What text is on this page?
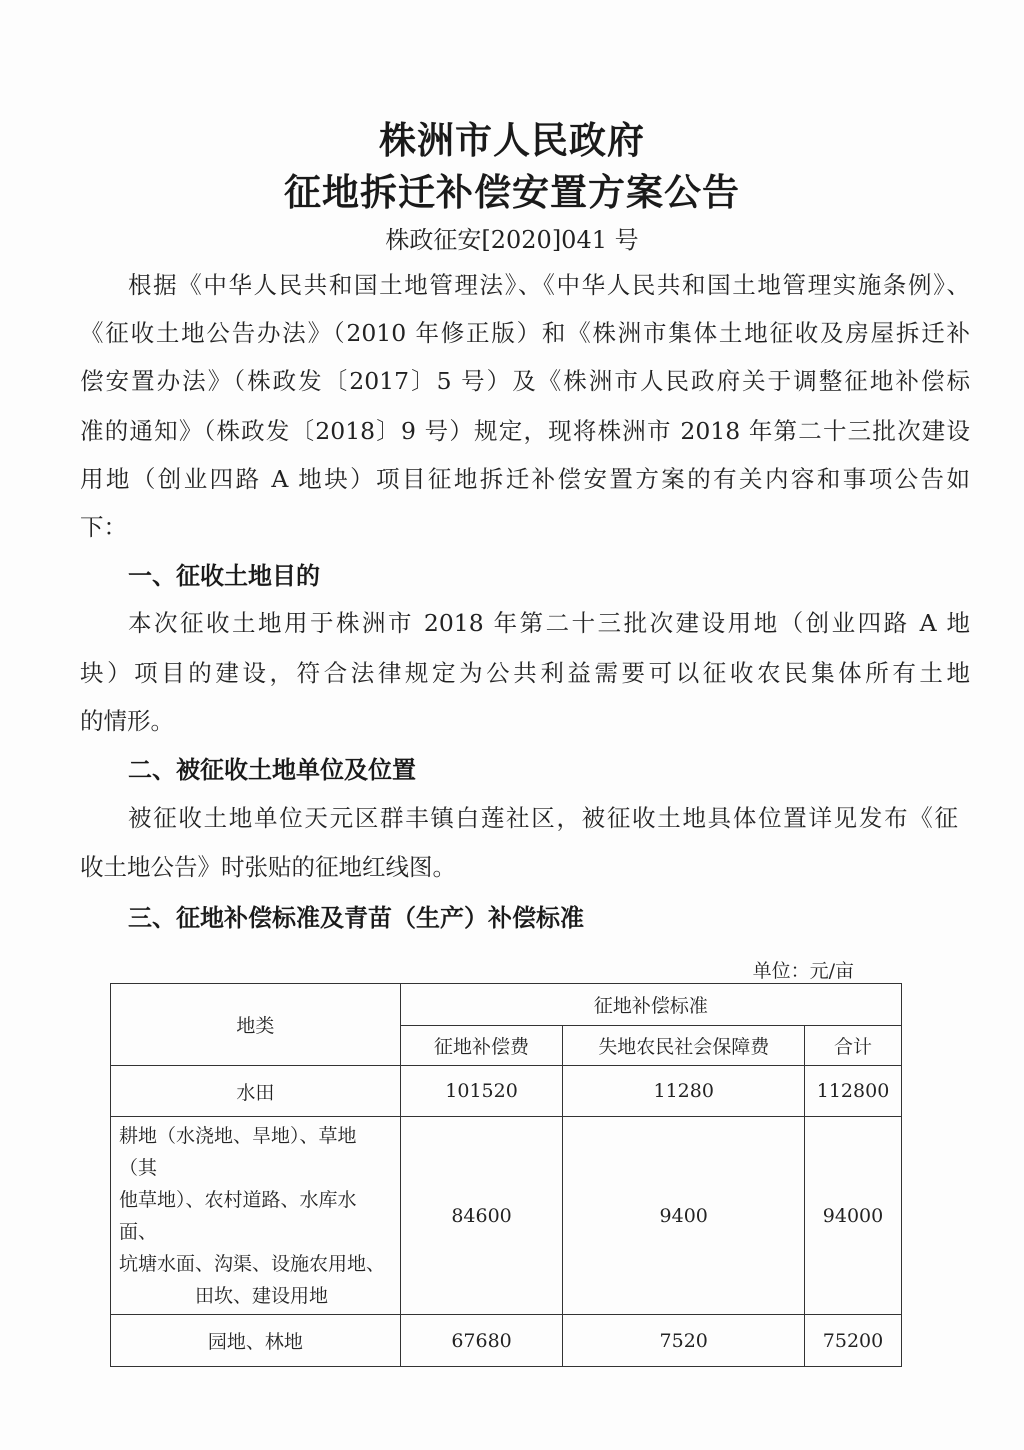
株洲市人民政府
征地拆迁补偿安置方案公告
株政征安[2020]041 号
根据《中华人民共和国土地管理法》、《中华人民共和国土地管理实施条例》、
《征收土地公告办法》（2010 年修正版）和《株洲市集体土地征收及房屋拆迁补
偿安置办法》（株政发〔2017〕5 号）及《株洲市人民政府关于调整征地补偿标
准的通知》（株政发〔2018〕9 号）规定，现将株洲市 2018 年第二十三批次建设
用地（创业四路 A 地块）项目征地拆迁补偿安置方案的有关内容和事项公告如
下：
一、征收土地目的
本次征收土地用于株洲市 2018 年第二十三批次建设用地（创业四路 A 地
块）项目的建设，符合法律规定为公共利益需要可以征收农民集体所有土地
的情形。
二、被征收土地单位及位置
被征收土地单位天元区群丰镇白莲社区，被征收土地具体位置详见发布《征
收土地公告》时张贴的征地红线图。
三、征地补偿标准及青苗（生产）补偿标准
单位：元/亩
地类	征地补偿标准		
	征地补偿费	失地农民社会保障费	合计
水田	101520	11280	112800

耕地（水浇地、旱地）、草地（其
他草地）、农村道路、水库水面、
坑塘水面、沟渠、设施农用地、
田坎、建设用地	84600	9400	94000
园地、林地	67680	7520	75200
